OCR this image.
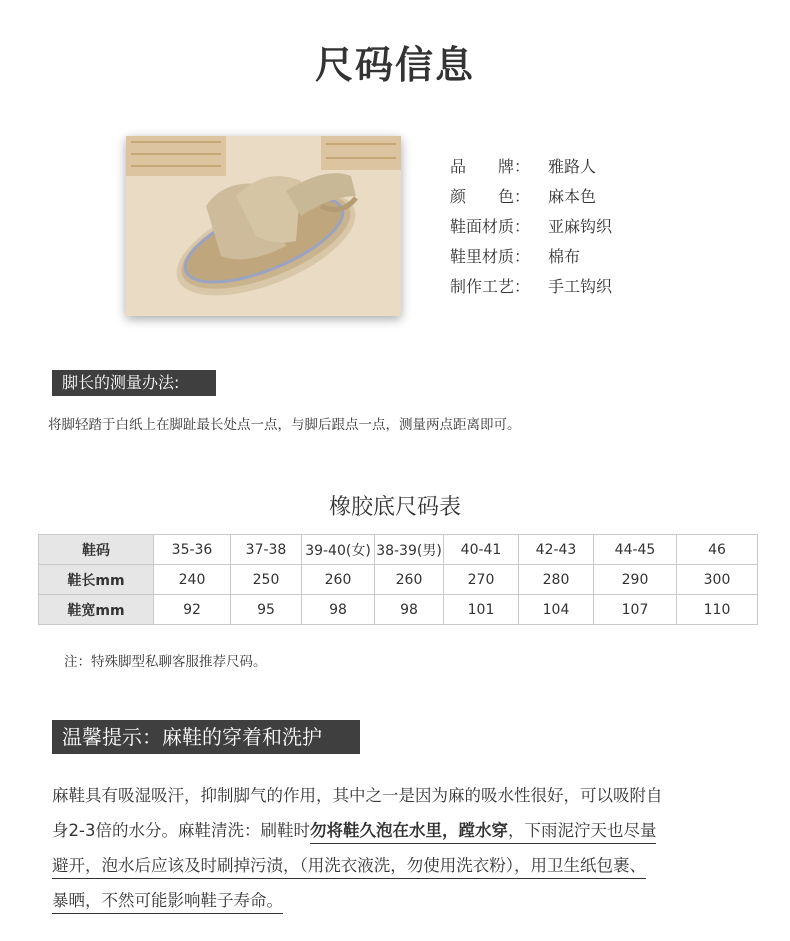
尺码信息
品　　牌：	雅路人
颜　　色：	麻本色
鞋面材质：	亚麻钩织
鞋里材质：	棉布
制作工艺：	手工钩织
脚长的测量办法:
将脚轻踏于白纸上在脚趾最长处点一点，与脚后跟点一点，测量两点距离即可。
橡胶底尺码表
鞋码	35-36	37-38	39-40(女)	38-39(男)	40-41	42-43	44-45	46
鞋长mm	240	250	260	260	270	280	290	300
鞋宽mm	92	95	98	98	101	104	107	110
注：特殊脚型私聊客服推荐尺码。
温馨提示：麻鞋的穿着和洗护
麻鞋具有吸湿吸汗，抑制脚气的作用，其中之一是因为麻的吸水性很好，可以吸附自
身2-3倍的水分。麻鞋清洗：刷鞋时勿将鞋久泡在水里，蹚水穿，下雨泥泞天也尽量
避开，泡水后应该及时刷掉污渍，（用洗衣液洗，勿使用洗衣粉），用卫生纸包裹、
暴晒，不然可能影响鞋子寿命。
